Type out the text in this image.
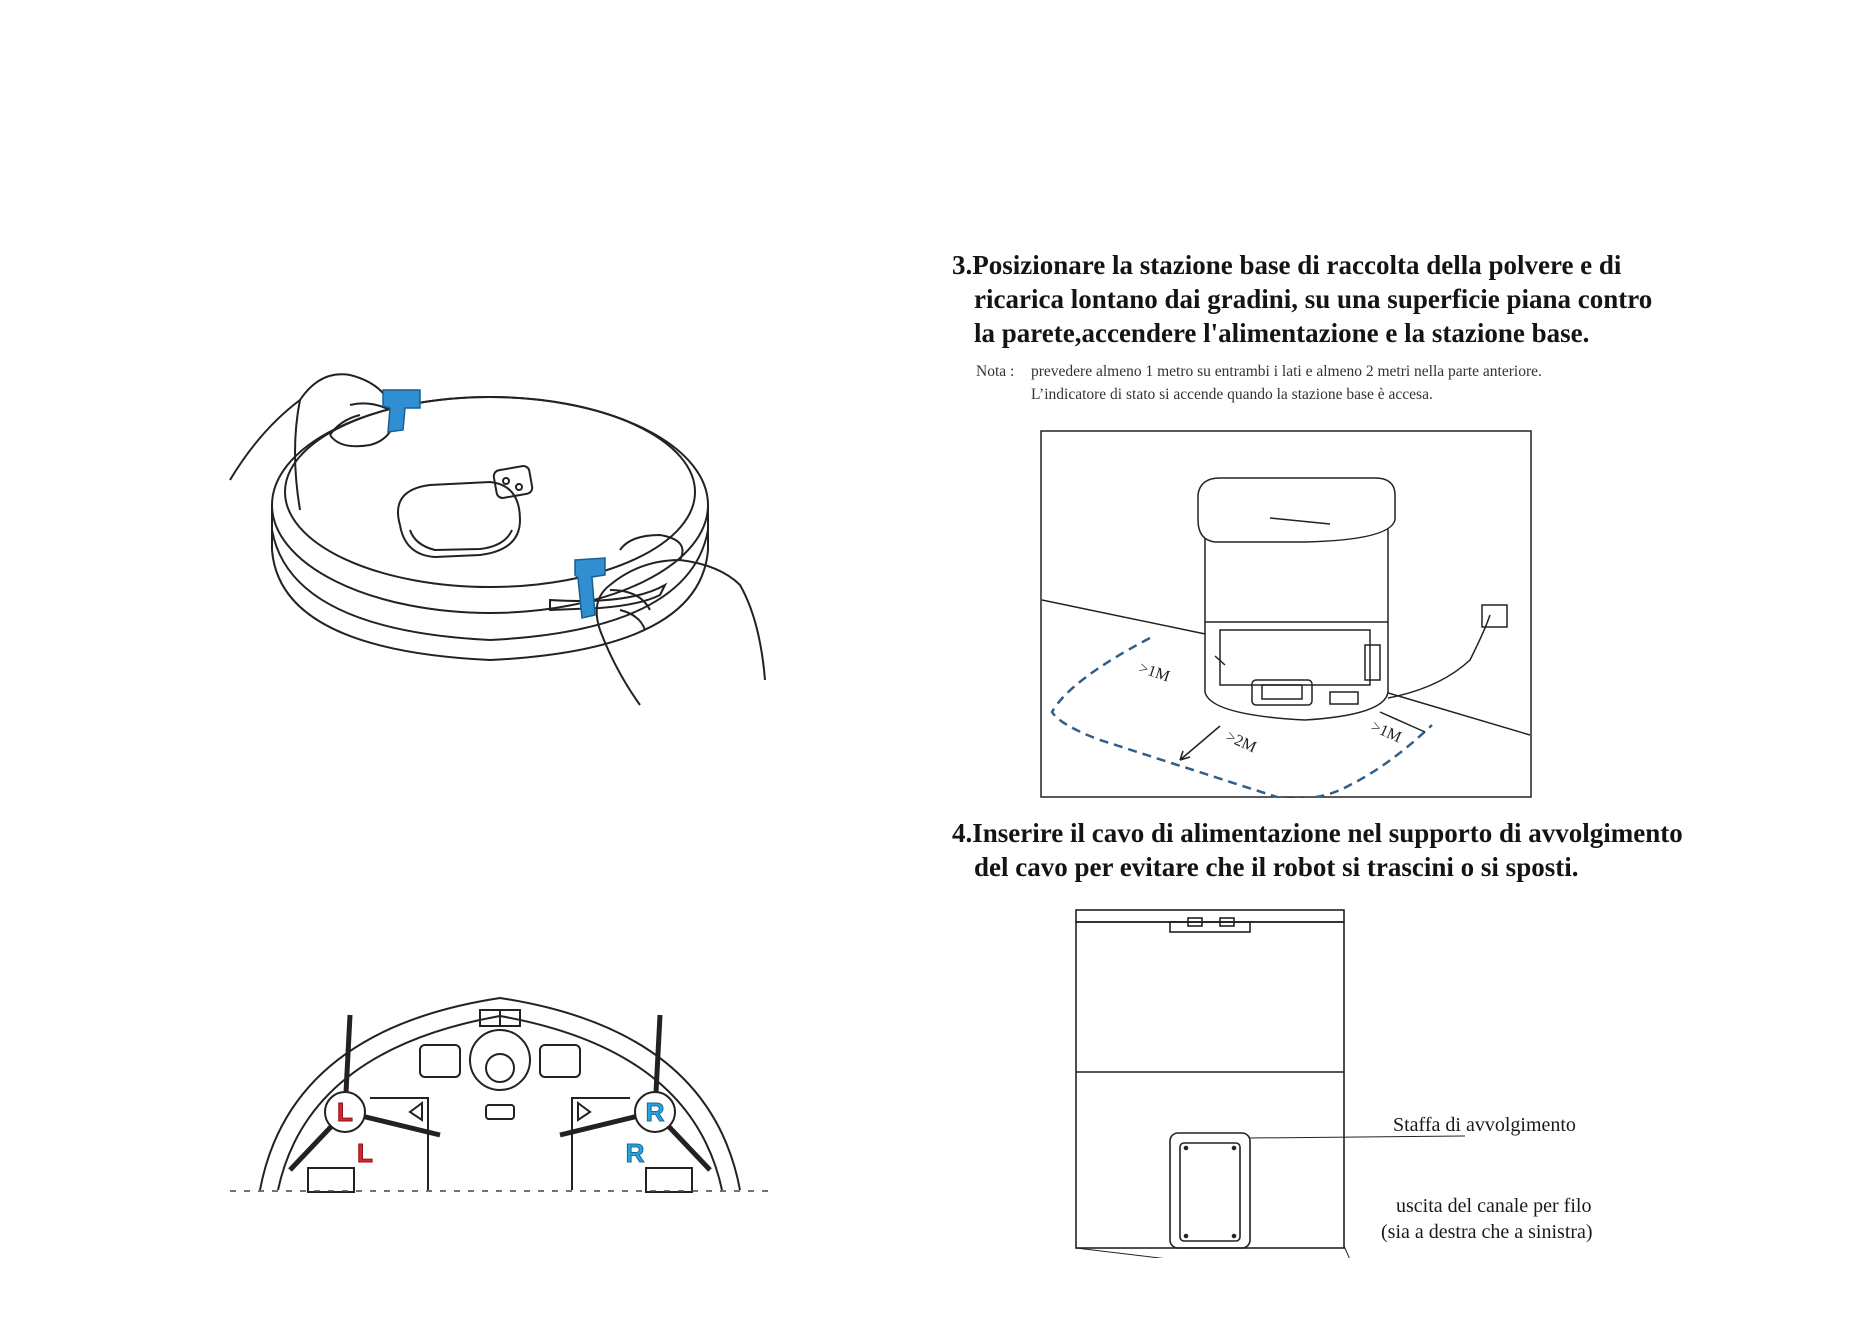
3.Posizionare la stazione base di raccolta della polvere e di
ricarica lontano dai gradini, su una superficie piana contro
la parete,accendere l'alimentazione e la stazione base.
Nota : prevedere almeno 1 metro su entrambi i lati e almeno 2 metri nella parte anteriore.
L’indicatore di stato si accende quando la stazione base è accesa.
4.Inserire il cavo di alimentazione nel supporto di avvolgimento
del cavo per evitare che il robot si trascini o si sposti.
Staffa di avvolgimento
uscita del canale per filo
(sia a destra che a sinistra)
L
L
R
R
>1M
>2M	>1M
